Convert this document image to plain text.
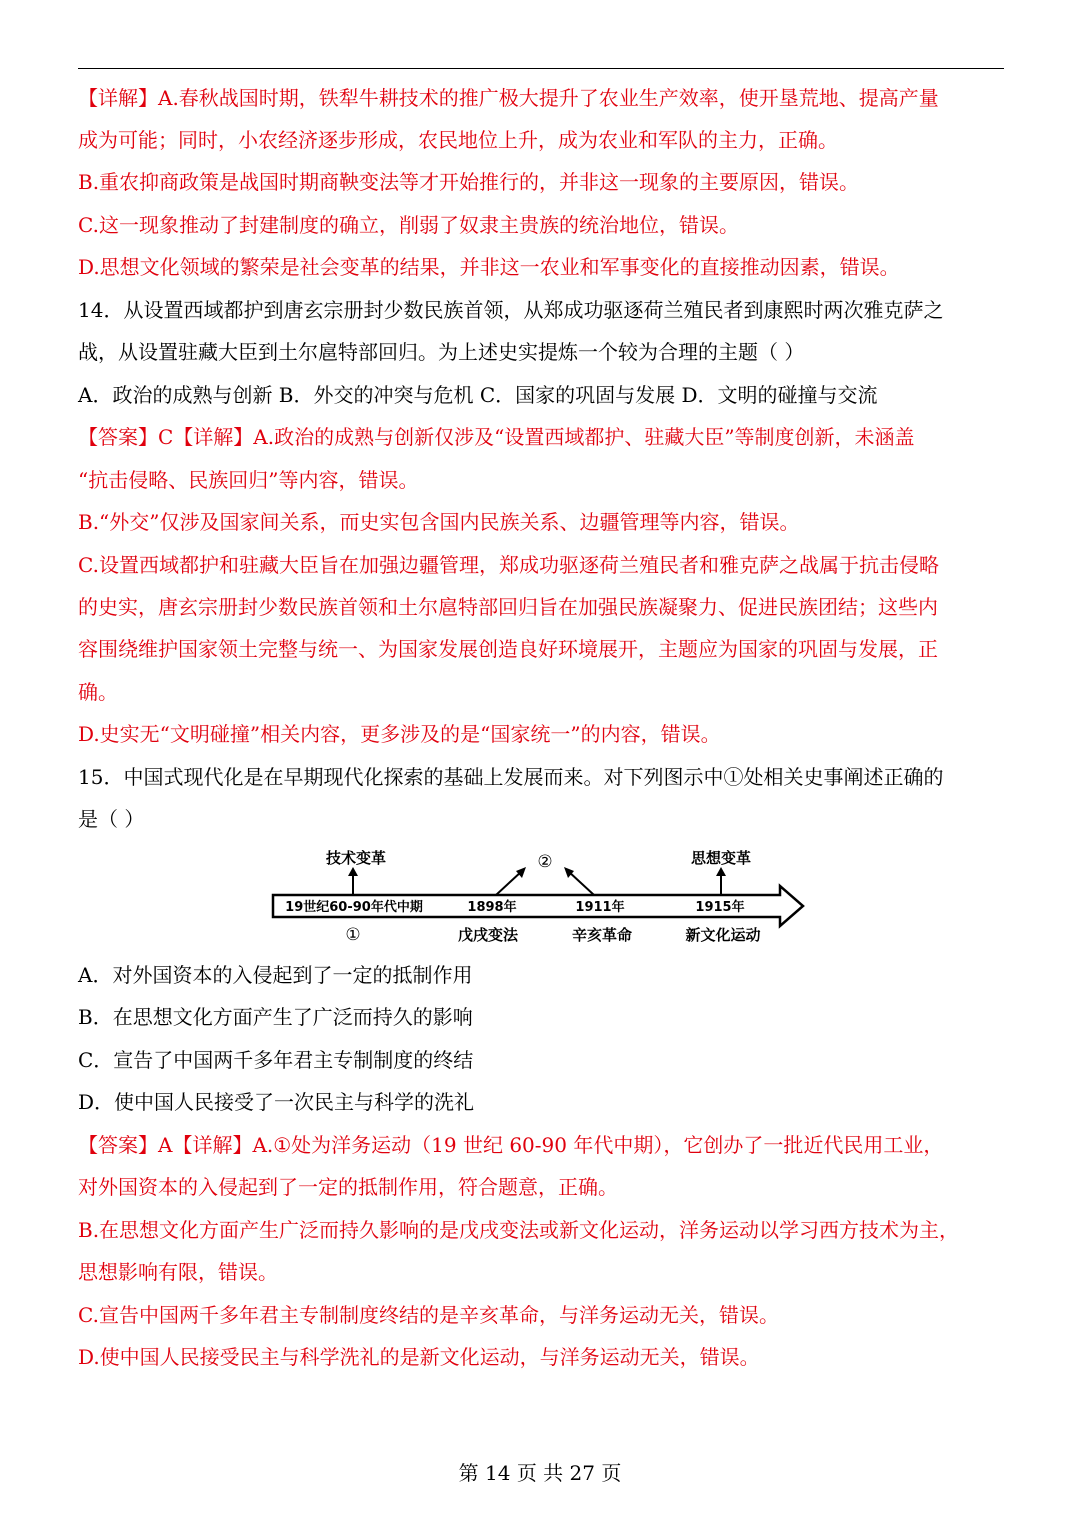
【详解】A.春秋战国时期，铁犁牛耕技术的推广极大提升了农业生产效率，使开垦荒地、提高产量
成为可能；同时，小农经济逐步形成，农民地位上升，成为农业和军队的主力，正确。
B.重农抑商政策是战国时期商鞅变法等才开始推行的，并非这一现象的主要原因，错误。
C.这一现象推动了封建制度的确立，削弱了奴隶主贵族的统治地位，错误。
D.思想文化领域的繁荣是社会变革的结果，并非这一农业和军事变化的直接推动因素，错误。
14．从设置西域都护到唐玄宗册封少数民族首领，从郑成功驱逐荷兰殖民者到康熙时两次雅克萨之
战，从设置驻藏大臣到土尔扈特部回归。为上述史实提炼一个较为合理的主题（ ）
A．政治的成熟与创新 B．外交的冲突与危机 C．国家的巩固与发展 D．文明的碰撞与交流
【答案】C【详解】A.政治的成熟与创新仅涉及“设置西域都护、驻藏大臣”等制度创新，未涵盖
“抗击侵略、民族回归”等内容，错误。
B.“外交”仅涉及国家间关系，而史实包含国内民族关系、边疆管理等内容，错误。
C.设置西域都护和驻藏大臣旨在加强边疆管理，郑成功驱逐荷兰殖民者和雅克萨之战属于抗击侵略
的史实，唐玄宗册封少数民族首领和土尔扈特部回归旨在加强民族凝聚力、促进民族团结；这些内
容围绕维护国家领土完整与统一、为国家发展创造良好环境展开，主题应为国家的巩固与发展，正
确。
D.史实无“文明碰撞”相关内容，更多涉及的是“国家统一”的内容，错误。
15．中国式现代化是在早期现代化探索的基础上发展而来。对下列图示中①处相关史事阐述正确的
是（ ）
A．对外国资本的入侵起到了一定的抵制作用
B．在思想文化方面产生了广泛而持久的影响
C．宣告了中国两千多年君主专制制度的终结
D．使中国人民接受了一次民主与科学的洗礼
【答案】A【详解】A.①处为洋务运动（19 世纪 60-90 年代中期），它创办了一批近代民用工业，
对外国资本的入侵起到了一定的抵制作用，符合题意，正确。
B.在思想文化方面产生广泛而持久影响的是戊戌变法或新文化运动，洋务运动以学习西方技术为主，
思想影响有限，错误。
C.宣告中国两千多年君主专制制度终结的是辛亥革命，与洋务运动无关，错误。
D.使中国人民接受民主与科学洗礼的是新文化运动，与洋务运动无关，错误。
技术变革	②	思想变革
19世纪60-90年代中期	1898年	1911年	1915年
①	戊戌变法	辛亥革命	新文化运动
第 14 页 共 27 页
